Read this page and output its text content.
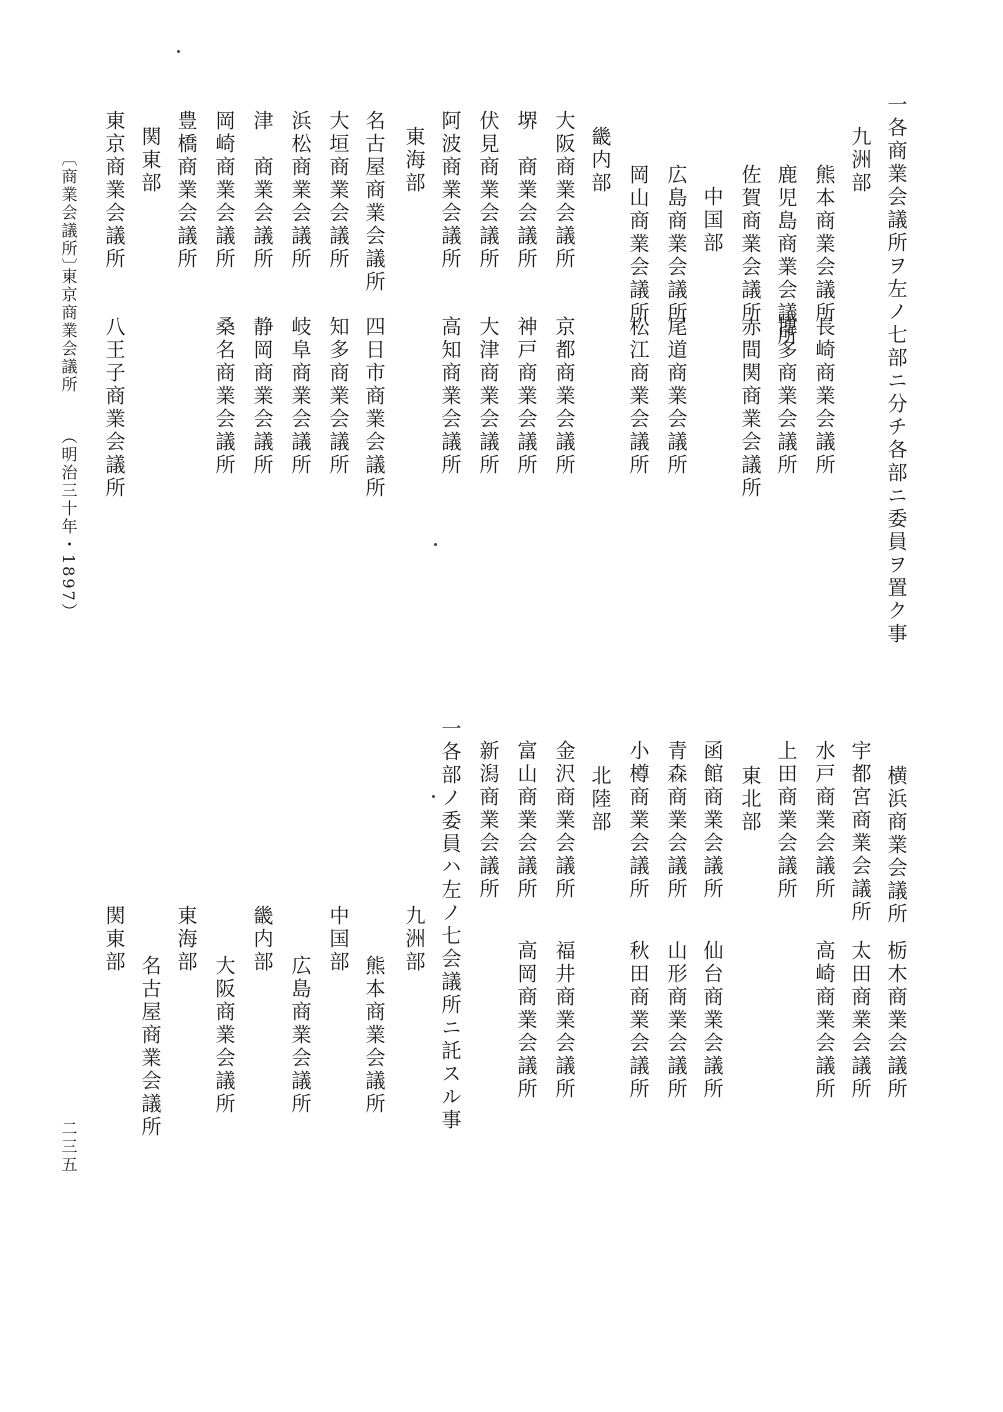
一各商業会議所ヲ左ノ七部ニ分チ各部ニ委員ヲ置ク事
九洲部
熊本商業会議所
長崎商業会議所
鹿児島商業会議所
博多商業会議所
佐賀商業会議所
赤間関商業会議所
中国部
広島商業会議所
尾道商業会議所
岡山商業会議所
松江商業会議所
畿内部
大阪商業会議所
京都商業会議所
堺　商業会議所
神戸商業会議所
伏見商業会議所
大津商業会議所
阿波商業会議所
高知商業会議所
東海部
名古屋商業会議所
四日市商業会議所
大垣商業会議所
知多商業会議所
浜松商業会議所
岐阜商業会議所
津　商業会議所
静岡商業会議所
岡崎商業会議所
桑名商業会議所
豊橋商業会議所
関東部
東京商業会議所
八王子商業会議所
〔商業会議所〕
東京商業会議所
（明治三十年・1897）
二三五
横浜商業会議所
栃木商業会議所
宇都宮商業会議所
太田商業会議所
水戸商業会議所
高崎商業会議所
上田商業会議所
東北部
函館商業会議所
仙台商業会議所
青森商業会議所
山形商業会議所
小樽商業会議所
秋田商業会議所
北陸部
金沢商業会議所
福井商業会議所
富山商業会議所
高岡商業会議所
新潟商業会議所
一各部ノ委員ハ左ノ七会議所ニ託スル事
九洲部
熊本商業会議所
中国部
広島商業会議所
畿内部
大阪商業会議所
東海部
名古屋商業会議所
関東部
